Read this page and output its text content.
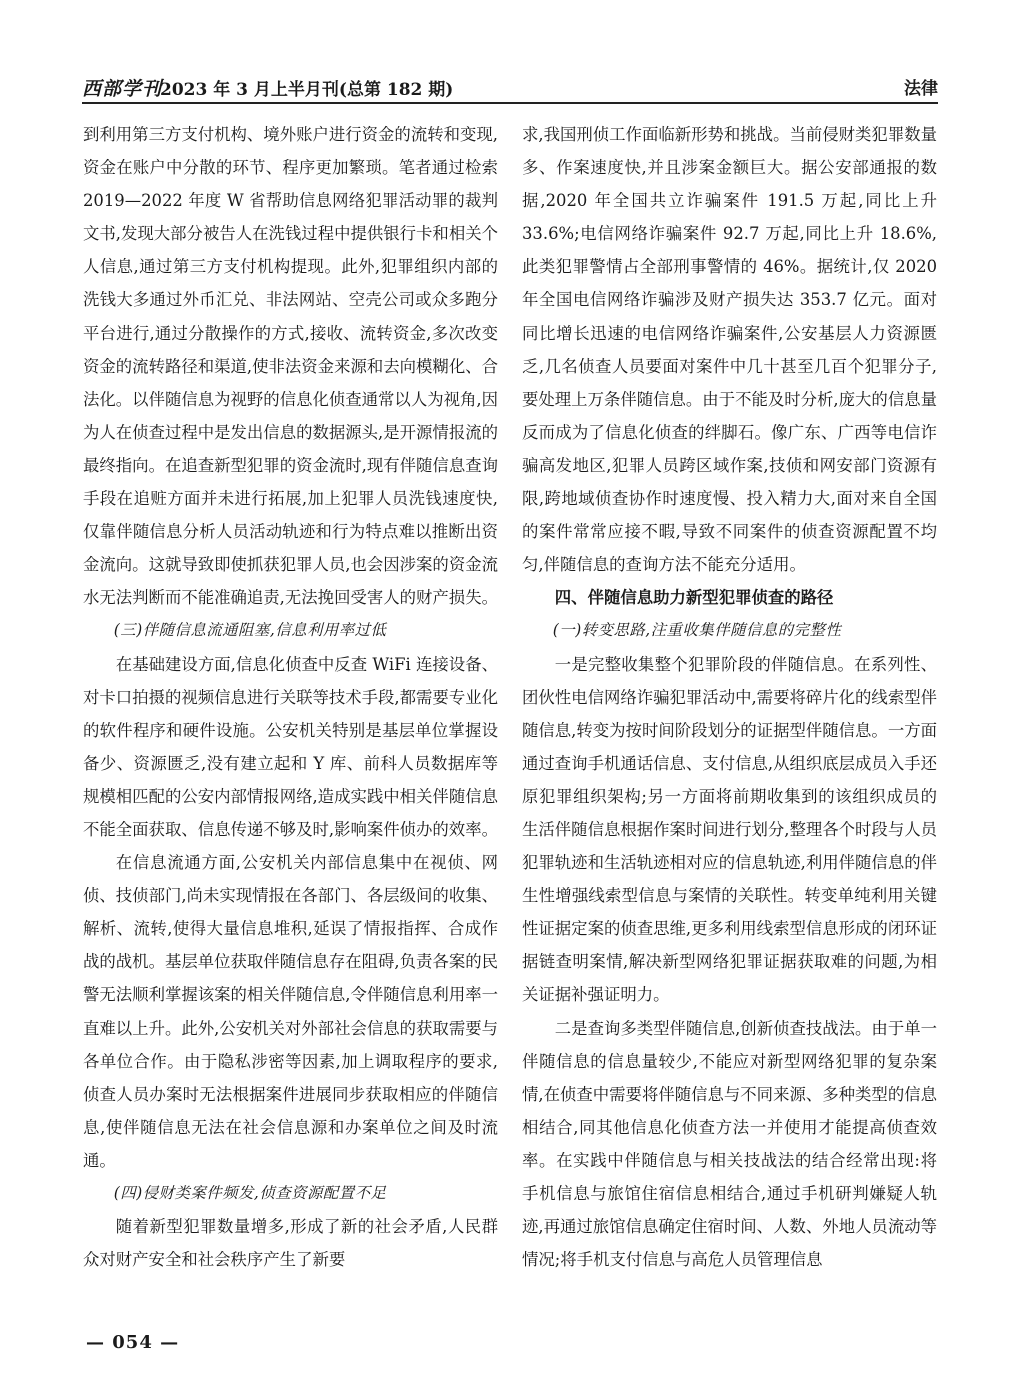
西部学刊
2023 年 3 月上半月刊(总第 182 期)	法律

到利用第三方支付机构、境外账户进行资金的流转和变现,资金在账户中分散的环节、程序更加繁琐。笔者通过检索 2019—2022 年度 W 省帮助信息网络犯罪活动罪的裁判文书,发现大部分被告人在洗钱过程中提供银行卡和相关个人信息,通过第三方支付机构提现。此外,犯罪组织内部的洗钱大多通过外币汇兑、非法网站、空壳公司或众多跑分平台进行,通过分散操作的方式,接收、流转资金,多次改变资金的流转路径和渠道,使非法资金来源和去向模糊化、合法化。以伴随信息为视野的信息化侦查通常以人为视角,因为人在侦查过程中是发出信息的数据源头,是开源情报流的最终指向。在追查新型犯罪的资金流时,现有伴随信息查询手段在追赃方面并未进行拓展,加上犯罪人员洗钱速度快,仅靠伴随信息分析人员活动轨迹和行为特点难以推断出资金流向。这就导致即使抓获犯罪人员,也会因涉案的资金流水无法判断而不能准确追责,无法挽回受害人的财产损失。

(三)伴随信息流通阻塞,信息利用率过低

在基础建设方面,信息化侦查中反查 WiFi 连接设备、对卡口拍摄的视频信息进行关联等技术手段,都需要专业化的软件程序和硬件设施。公安机关特别是基层单位掌握设备少、资源匮乏,没有建立起和 Y 库、前科人员数据库等规模相匹配的公安内部情报网络,造成实践中相关伴随信息不能全面获取、信息传递不够及时,影响案件侦办的效率。

在信息流通方面,公安机关内部信息集中在视侦、网侦、技侦部门,尚未实现情报在各部门、各层级间的收集、解析、流转,使得大量信息堆积,延误了情报指挥、合成作战的战机。基层单位获取伴随信息存在阻碍,负责各案的民警无法顺利掌握该案的相关伴随信息,令伴随信息利用率一直难以上升。此外,公安机关对外部社会信息的获取需要与各单位合作。由于隐私涉密等因素,加上调取程序的要求,侦查人员办案时无法根据案件进展同步获取相应的伴随信息,使伴随信息无法在社会信息源和办案单位之间及时流通。

(四)侵财类案件频发,侦查资源配置不足

随着新型犯罪数量增多,形成了新的社会矛盾,人民群众对财产安全和社会秩序产生了新要

求,我国刑侦工作面临新形势和挑战。当前侵财类犯罪数量多、作案速度快,并且涉案金额巨大。据公安部通报的数据,2020 年全国共立诈骗案件 191.5 万起,同比上升 33.6%;电信网络诈骗案件 92.7 万起,同比上升 18.6%,此类犯罪警情占全部刑事警情的 46%。据统计,仅 2020 年全国电信网络诈骗涉及财产损失达 353.7 亿元。面对同比增长迅速的电信网络诈骗案件,公安基层人力资源匮乏,几名侦查人员要面对案件中几十甚至几百个犯罪分子,要处理上万条伴随信息。由于不能及时分析,庞大的信息量反而成为了信息化侦查的绊脚石。像广东、广西等电信诈骗高发地区,犯罪人员跨区域作案,技侦和网安部门资源有限,跨地域侦查协作时速度慢、投入精力大,面对来自全国的案件常常应接不暇,导致不同案件的侦查资源配置不均匀,伴随信息的查询方法不能充分适用。

四、伴随信息助力新型犯罪侦查的路径
(一)转变思路,注重收集伴随信息的完整性

一是完整收集整个犯罪阶段的伴随信息。在系列性、团伙性电信网络诈骗犯罪活动中,需要将碎片化的线索型伴随信息,转变为按时间阶段划分的证据型伴随信息。一方面通过查询手机通话信息、支付信息,从组织底层成员入手还原犯罪组织架构;另一方面将前期收集到的该组织成员的生活伴随信息根据作案时间进行划分,整理各个时段与人员犯罪轨迹和生活轨迹相对应的信息轨迹,利用伴随信息的伴生性增强线索型信息与案情的关联性。转变单纯利用关键性证据定案的侦查思维,更多利用线索型信息形成的闭环证据链查明案情,解决新型网络犯罪证据获取难的问题,为相关证据补强证明力。

二是查询多类型伴随信息,创新侦查技战法。由于单一伴随信息的信息量较少,不能应对新型网络犯罪的复杂案情,在侦查中需要将伴随信息与不同来源、多种类型的信息相结合,同其他信息化侦查方法一并使用才能提高侦查效率。在实践中伴随信息与相关技战法的结合经常出现:将手机信息与旅馆住宿信息相结合,通过手机研判嫌疑人轨迹,再通过旅馆信息确定住宿时间、人数、外地人员流动等情况;将手机支付信息与高危人员管理信息

— 054 —
